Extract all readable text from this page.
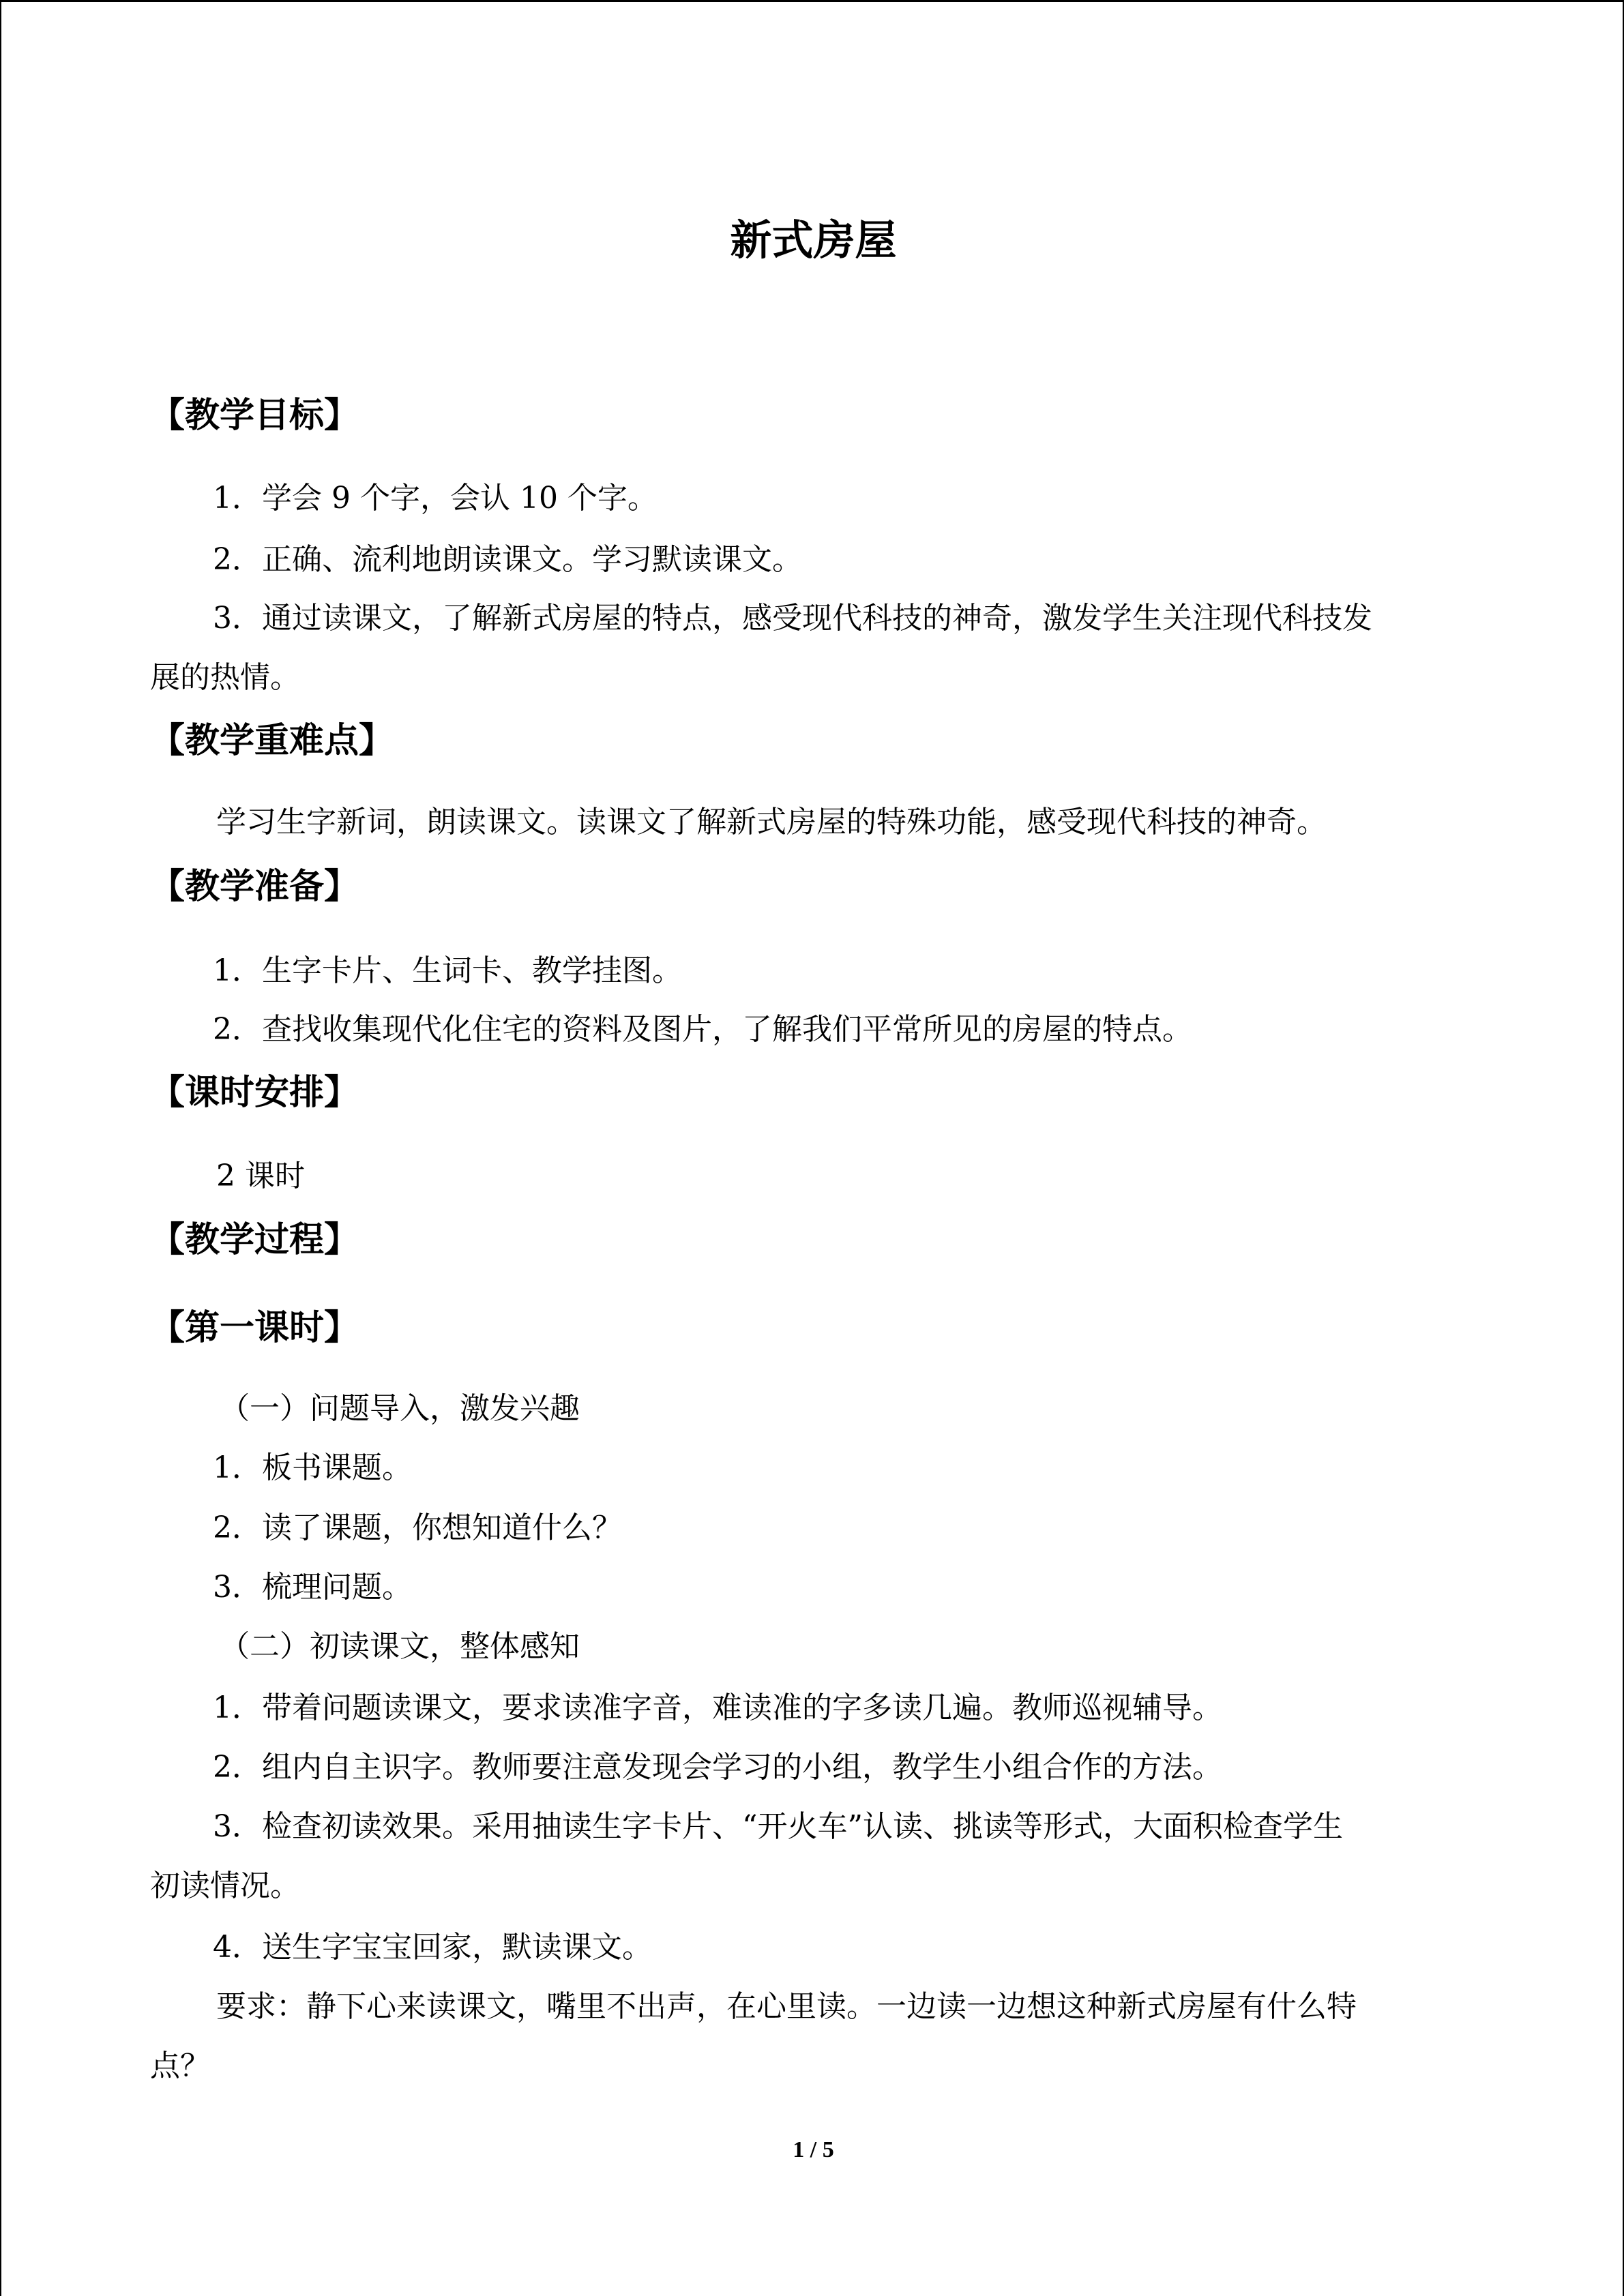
新式房屋
【教学目标】

1．学会 9 个字，会认 10 个字。

2．正确、流利地朗读课文。学习默读课文。

3．通过读课文，了解新式房屋的特点，感受现代科技的神奇，激发学生关注现代科技发

展的热情。

【教学重难点】

学习生字新词，朗读课文。读课文了解新式房屋的特殊功能，感受现代科技的神奇。

【教学准备】

1．生字卡片、生词卡、教学挂图。

2．查找收集现代化住宅的资料及图片，了解我们平常所见的房屋的特点。

【课时安排】

2 课时

【教学过程】
【第一课时】

（一）问题导入，激发兴趣

1．板书课题。

2．读了课题，你想知道什么？

3．梳理问题。

（二）初读课文，整体感知

1．带着问题读课文，要求读准字音，难读准的字多读几遍。教师巡视辅导。

2．组内自主识字。教师要注意发现会学习的小组，教学生小组合作的方法。

3．检查初读效果。采用抽读生字卡片、“开火车”认读、挑读等形式，大面积检查学生

初读情况。

4．送生字宝宝回家，默读课文。

要求：静下心来读课文，嘴里不出声，在心里读。一边读一边想这种新式房屋有什么特

点？

1 / 5
